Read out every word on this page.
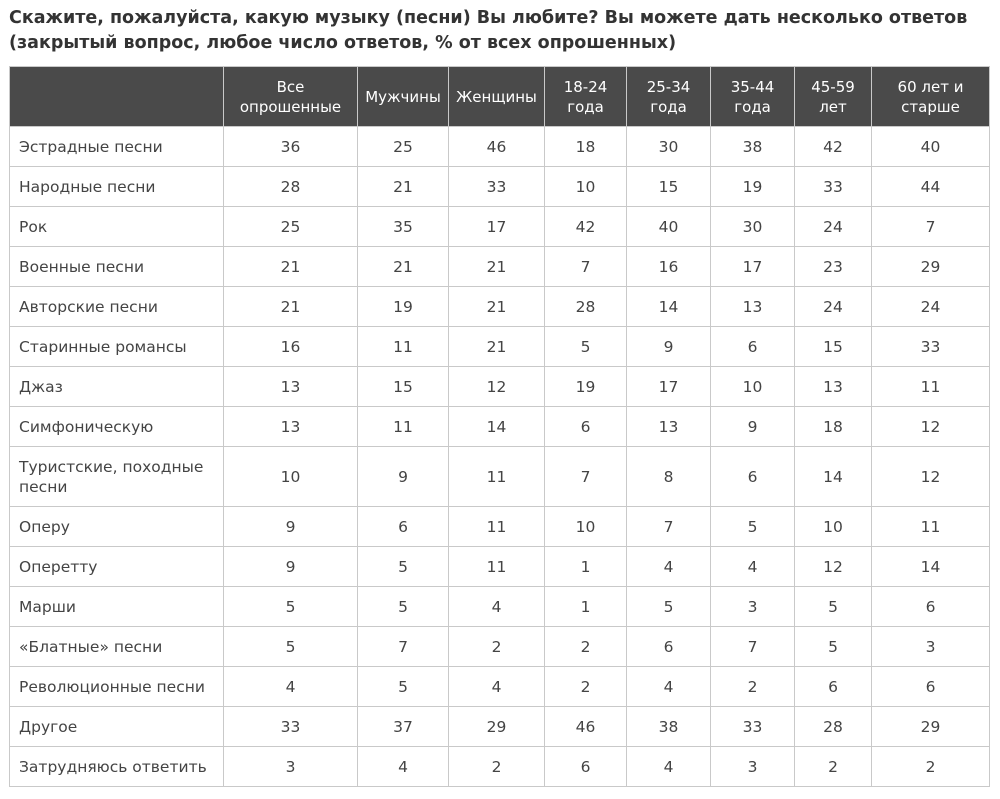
Скажите, пожалуйста, какую музыку (песни) Вы любите? Вы можете дать несколько ответов (закрытый вопрос, любое число ответов, % от всех опрошенных)
	Все опрошенные	Мужчины	Женщины	18-24 года	25-34 года	35-44 года	45-59 лет	60 лет и старше
Эстрадные песни	36	25	46	18	30	38	42	40
Народные песни	28	21	33	10	15	19	33	44
Рок	25	35	17	42	40	30	24	7
Военные песни	21	21	21	7	16	17	23	29
Авторские песни	21	19	21	28	14	13	24	24
Старинные романсы	16	11	21	5	9	6	15	33
Джаз	13	15	12	19	17	10	13	11
Симфоническую	13	11	14	6	13	9	18	12
Туристские, походные песни	10	9	11	7	8	6	14	12
Оперу	9	6	11	10	7	5	10	11
Оперетту	9	5	11	1	4	4	12	14
Марши	5	5	4	1	5	3	5	6
«Блатные» песни	5	7	2	2	6	7	5	3
Революционные песни	4	5	4	2	4	2	6	6
Другое	33	37	29	46	38	33	28	29
Затрудняюсь ответить	3	4	2	6	4	3	2	2
